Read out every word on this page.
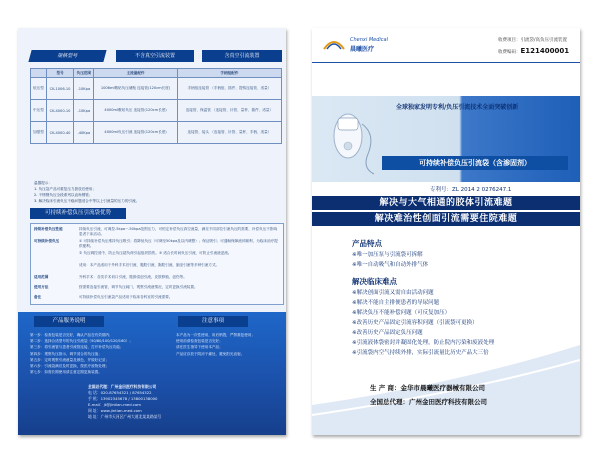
规格型号	不含真空引流装置	含真空引流装置
	型号	负压范围	主流量配件	手柄组配件
低压型	CK-1006-10	-10Kpa	1006ml敷贴负压储瓶 连接管(120cm长度)	手柄组连接管 （手柄组、插件、提钩连接管、适量）
中压型	CK-4000-10	-10Kpa	4000ml敷贴负压 连接管(120cm长度)	连接管、保温管 （连接管、针管、量杯、插件、适量）
加强型	CK-4000-40	-40Kpa	4000ml负压引流 连接管(120cm长度)	连接管、接头 （连接管、针管、量杯、手柄、适量）
温馨提示：
1. 负压袋产品可重复压力泄放后使用；
2. 不锈钢负压全段系列以直角钢管；
3. 解决临床引流负压不稳问题适合中等以上引流量的压力的引流。
可持续补偿负压引流袋优势
持续补偿负压性能	持续负压引流，可调控-5kpa~-50kpa范围压力，可恒定补偿负压真空流量，满足不同部位引流负压的需要，补偿负压不影响患者下床活动。
可持续补偿负压	① 可持续补偿负压维持负压吸引；将降低负压（可调至50kpa及以内调整）；保证吸引；可通畅保障液体顺利，为临床治疗提供便利。
② 负压调控适中，防止负压超负荷引起组织损伤。③ 适合长时间负压引流，可防止引流液逆流。
适用：本产品适用于外科手术后引流、腹腔引流、胸腔引流、脑室引流等多种引流方式。
适用范围	外科手术：各类手术切口引流，脓肿清创引流，皮肤移植，创伤等。
使用方法	按需要连接引流管，调节负压阀门，观察引流液情况，定时更换引流装置。
备注	可持续补偿负压引流袋产品适用于临床各科室的引流需要。
产品服务说明	注意事项
第一步：检查包装是否完好，确认产品在有效期内；
第二步：选择合适型号的负压引流袋（50/80/100/120/160）；
第三步：将引流管与患者引流管连接，打开补偿负压功能；
第四步：观察负压指示，调节适合的负压值；
第五步：定时观察引流液量及颜色，并做好记录；
第六步：引流袋满后及时更换，按医疗废物处理；
第七步：如需长期使用请注意定期更换装置。
本产品为一次性使用，用后销毁，严禁重复使用；
使用前请检查包装是否完好；
请在医生指导下使用本产品；
产品应存放于阴凉干燥处，避免阳光直射。
全国总代理：广州金田医疗科技有限公司
电 话：020-87654321 / 87654322
手 机：13902345678 / 13800138000
E-mail：jt@jintian-med.com
网 址：www.jintian-med.com
地 址：广州市天河区广州大道北某某路某号
Chenxi Medical
晨曦医疗
收费项目：引流袋/高负压引流装置
收费编码：E121400001
全球独家发明专利/负压引流技术全面突破创新
可持续补偿负压引流袋（含渗固剂）
专利号：ZL 2014 2 0276247.1
解决与大气相通的胶体引流难题
解决难治性创面引流需要住院难题
产品特点
※唯一加压泵与引流袋可拆解
※唯一自动吸气和自动外排气体
解决临床难点
※解决创面引流又需自由活动问题
※解决不能自主排便患者的导尿问题
※解决负压不能补偿问题（可反复加压）
※改善历史产品固定引流容积问题（引流袋可更换）
※改善历史产品固定负压问题
※引流液体袋密封并凝固化处理，防止院内污染和废液处理
※引流袋内空气持续外排，实际引流量比历史产品大三倍
生 产 商：金华市晨曦医疗器械有限公司
全国总代理：广州金田医疗科技有限公司
